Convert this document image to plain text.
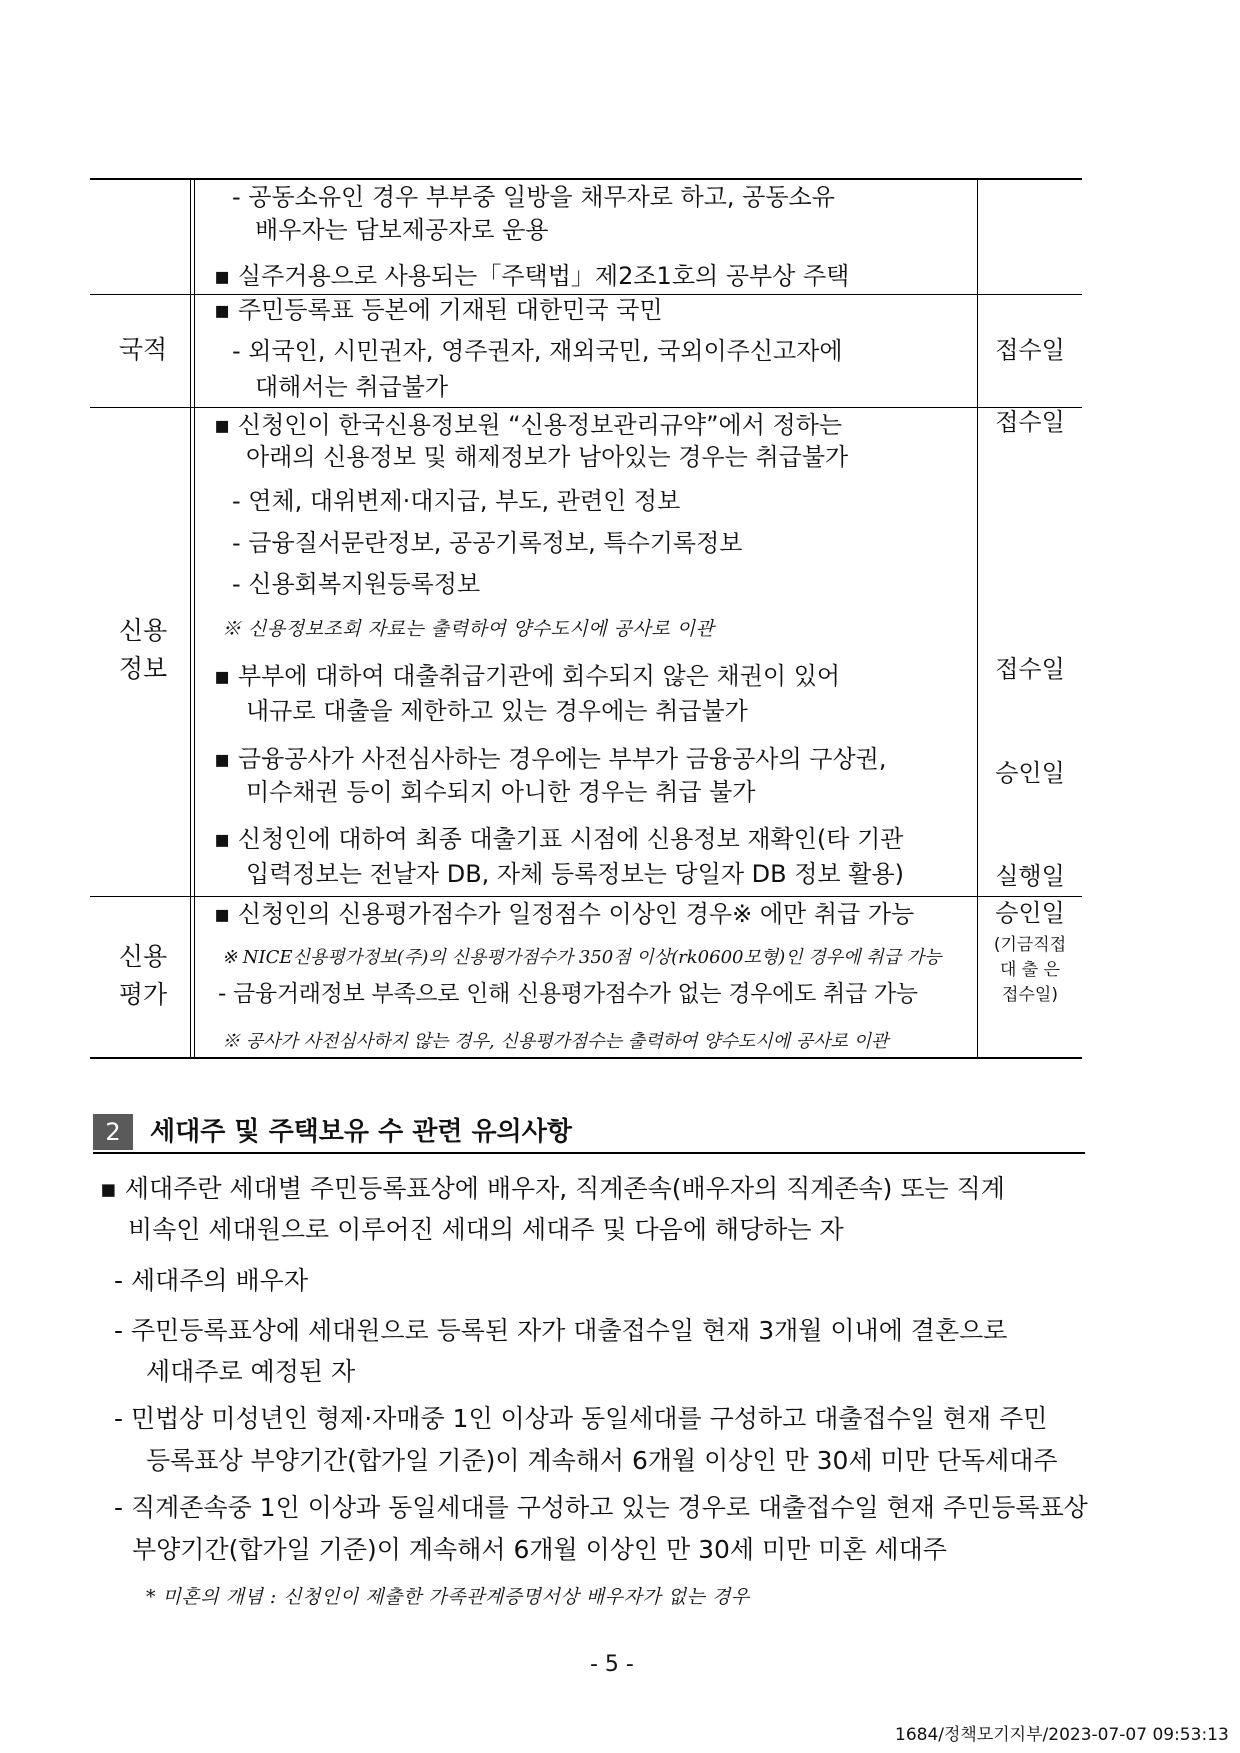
- 공동소유인 경우 부부중 일방을 채무자로 하고, 공동소유
배우자는 담보제공자로 운용
▪ 실주거용으로 사용되는「주택법」제2조1호의 공부상 주택
국적
▪ 주민등록표 등본에 기재된 대한민국 국민
- 외국인, 시민권자, 영주권자, 재외국민, 국외이주신고자에
대해서는 취급불가
접수일
신용
정보
▪ 신청인이 한국신용정보원 “신용정보관리규약”에서 정하는
아래의 신용정보 및 해제정보가 남아있는 경우는 취급불가
- 연체, 대위변제·대지급, 부도, 관련인 정보
- 금융질서문란정보, 공공기록정보, 특수기록정보
- 신용회복지원등록정보
※ 신용정보조회 자료는 출력하여 양수도시에 공사로 이관
▪ 부부에 대하여 대출취급기관에 회수되지 않은 채권이 있어
내규로 대출을 제한하고 있는 경우에는 취급불가
▪ 금융공사가 사전심사하는 경우에는 부부가 금융공사의 구상권,
미수채권 등이 회수되지 아니한 경우는 취급 불가
▪ 신청인에 대하여 최종 대출기표 시점에 신용정보 재확인(타 기관
입력정보는 전날자 DB, 자체 등록정보는 당일자 DB 정보 활용)
접수일
접수일
승인일
실행일
신용
평가
▪ 신청인의 신용평가점수가 일정점수 이상인 경우※ 에만 취급 가능
※ NICE신용평가정보(주)의 신용평가점수가 350점 이상(rk0600모형)인 경우에 취급 가능
- 금융거래정보 부족으로 인해 신용평가점수가 없는 경우에도 취급 가능
※ 공사가 사전심사하지 않는 경우, 신용평가점수는 출력하여 양수도시에 공사로 이관
승인일
(기금직접
대 출 은
접수일)
2	세대주 및 주택보유 수 관련 유의사항
▪ 세대주란 세대별 주민등록표상에 배우자, 직계존속(배우자의 직계존속) 또는 직계
비속인 세대원으로 이루어진 세대의 세대주 및 다음에 해당하는 자
- 세대주의 배우자
- 주민등록표상에 세대원으로 등록된 자가 대출접수일 현재 3개월 이내에 결혼으로
세대주로 예정된 자
- 민법상 미성년인 형제·자매중 1인 이상과 동일세대를 구성하고 대출접수일 현재 주민
등록표상 부양기간(합가일 기준)이 계속해서 6개월 이상인 만 30세 미만 단독세대주
- 직계존속중 1인 이상과 동일세대를 구성하고 있는 경우로 대출접수일 현재 주민등록표상
부양기간(합가일 기준)이 계속해서 6개월 이상인 만 30세 미만 미혼 세대주
* 미혼의 개념 : 신청인이 제출한 가족관계증명서상 배우자가 없는 경우
- 5 -
1684/정책모기지부/2023-07-07 09:53:13
